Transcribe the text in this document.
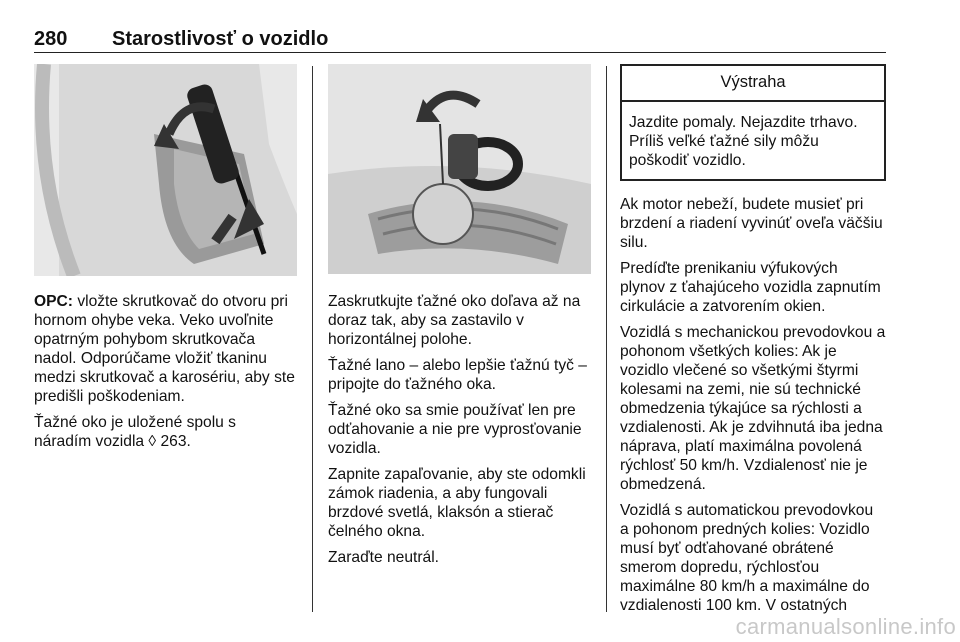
280 Starostlivosť o vozidlo

OPC: vložte skrutkovač do otvoru pri hornom ohybe veka. Veko uvoľnite opatrným pohybom skrutkovača nadol. Odporúčame vložiť tkaninu medzi skrutkovač a karosériu, aby ste predišli poškodeniam.

Ťažné oko je uložené spolu s náradím vozidla ◊ 263.

Zaskrutkujte ťažné oko doľava až na doraz tak, aby sa zastavilo v horizontálnej polohe.

Ťažné lano – alebo lepšie ťažnú tyč – pripojte do ťažného oka.

Ťažné oko sa smie používať len pre odťahovanie a nie pre vyprosťovanie vozidla.

Zapnite zapaľovanie, aby ste odomkli zámok riadenia, a aby fungovali brzdové svetlá, klaksón a stierač čelného okna.

Zaraďte neutrál.

Výstraha
Jazdite pomaly. Nejazdite trhavo. Príliš veľké ťažné sily môžu poškodiť vozidlo.

Ak motor nebeží, budete musieť pri brzdení a riadení vyvinúť oveľa väčšiu silu.

Predíďte prenikaniu výfukových plynov z ťahajúceho vozidla zapnutím cirkulácie a zatvorením okien.

Vozidlá s mechanickou prevodovkou a pohonom všetkých kolies: Ak je vozidlo vlečené so všetkými štyrmi kolesami na zemi, nie sú technické obmedzenia týkajúce sa rýchlosti a vzdialenosti. Ak je zdvihnutá iba jedna náprava, platí maximálna povolená rýchlosť 50 km/h. Vzdialenosť nie je obmedzená.

Vozidlá s automatickou prevodovkou a pohonom predných kolies: Vozidlo musí byť odťahované obrátené smerom dopredu, rýchlosťou maximálne 80 km/h a maximálne do vzdialenosti 100 km. V ostatných

carmanualsonline.info
